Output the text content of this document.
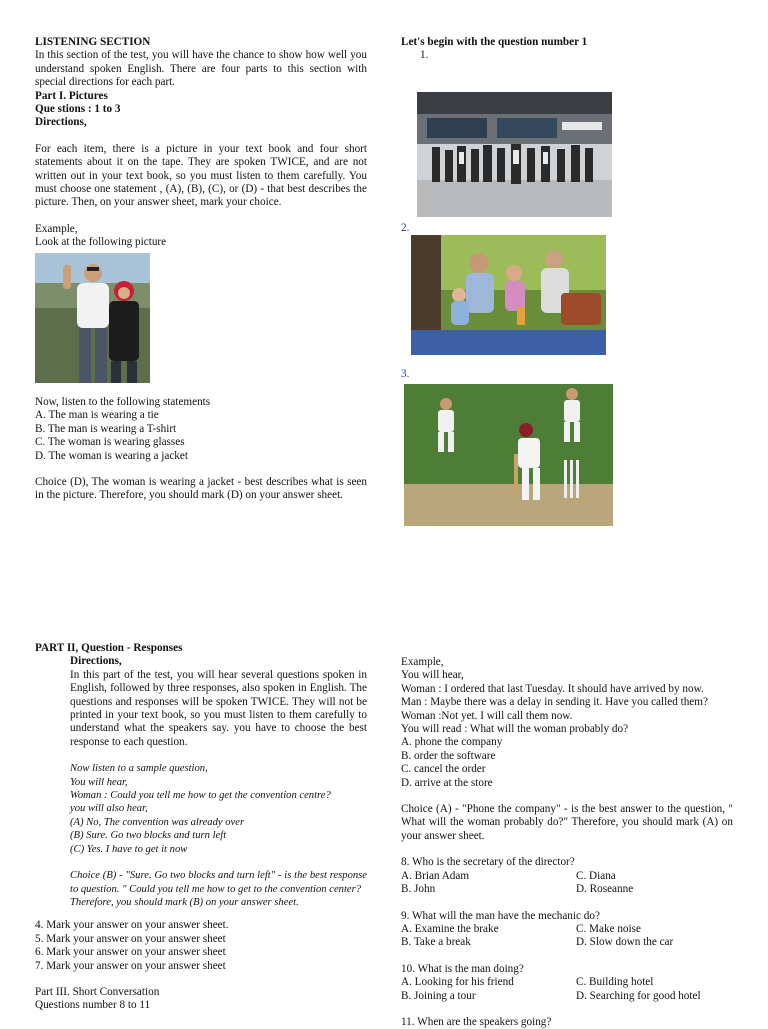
LISTENING SECTION

In this section of the test, you will have the chance to show how well you understand spoken English. There are four parts to this section with special directions for each part.

Part I. Pictures

Que stions : 1 to 3

Directions,

For each item, there is a picture in your text book and four short statements about it on the tape. They are spoken TWICE, and are not written out in your text book, so you must listen to them carefully. You must choose one statement , (A), (B), (C), or (D) - that best describes the picture. Then, on your answer sheet, mark your choice.

Example,

Look at the following picture

Now, listen to the following statements

A. The man is wearing a tie

B. The man is wearing a T-shirt

C. The woman is wearing glasses

D. The woman is wearing a jacket

Choice (D), The woman is wearing a jacket - best describes what is seen in the picture. Therefore, you should mark (D) on your answer sheet.

Let's begin with the question number 1

1.

2.

3.

PART II, Question - Responses

Directions,

In this part of the test, you will hear several questions spoken in English, followed by three responses, also spoken in English. The questions and responses will be spoken TWICE. They will not be printed in your text book, so you must listen to them carefully to understand what the speakers say. you have to choose the best response to each question.

Now listen to a sample question,

You will hear,

Woman : Could you tell me how to get the convention centre?

you will also hear,

(A) No, The convention was already over

(B) Sure. Go two blocks and turn left

(C) Yes. I have to get it now

Choice (B) - "Sure. Go two blocks and turn left" - is the best response to question. " Could you tell me how to get to the convention center?

Therefore, you should mark (B) on your answer sheet.

4. Mark your answer on your answer sheet.

5. Mark your answer on your answer sheet

6. Mark your answer on your answer sheet

7. Mark your answer on your answer sheet

Part III. Short Conversation

Questions number 8 to 11

Example,

You will hear,

Woman : I ordered that last Tuesday. It should have arrived by now.

Man : Maybe there was a delay in sending it. Have you called them?

Woman :Not yet. I will call them now.

You will read : What will the woman probably do?

A. phone the company

B. order the software

C. cancel the order

D. arrive at the store

Choice (A) - "Phone the company" - is the best answer to the question, " What will the woman probably do?" Therefore, you should mark (A) on your answer sheet.

8. Who is the secretary of the director?

A. Brian Adam	C. Diana
B. John	D. Roseanne

9. What will the man have the mechanic do?

A. Examine the brake	C. Make noise
B. Take a break	D. Slow down the car

10. What is the man doing?

A. Looking for his friend	C. Building hotel
B. Joining a tour	D. Searching for good hotel

11. When are the speakers going?
